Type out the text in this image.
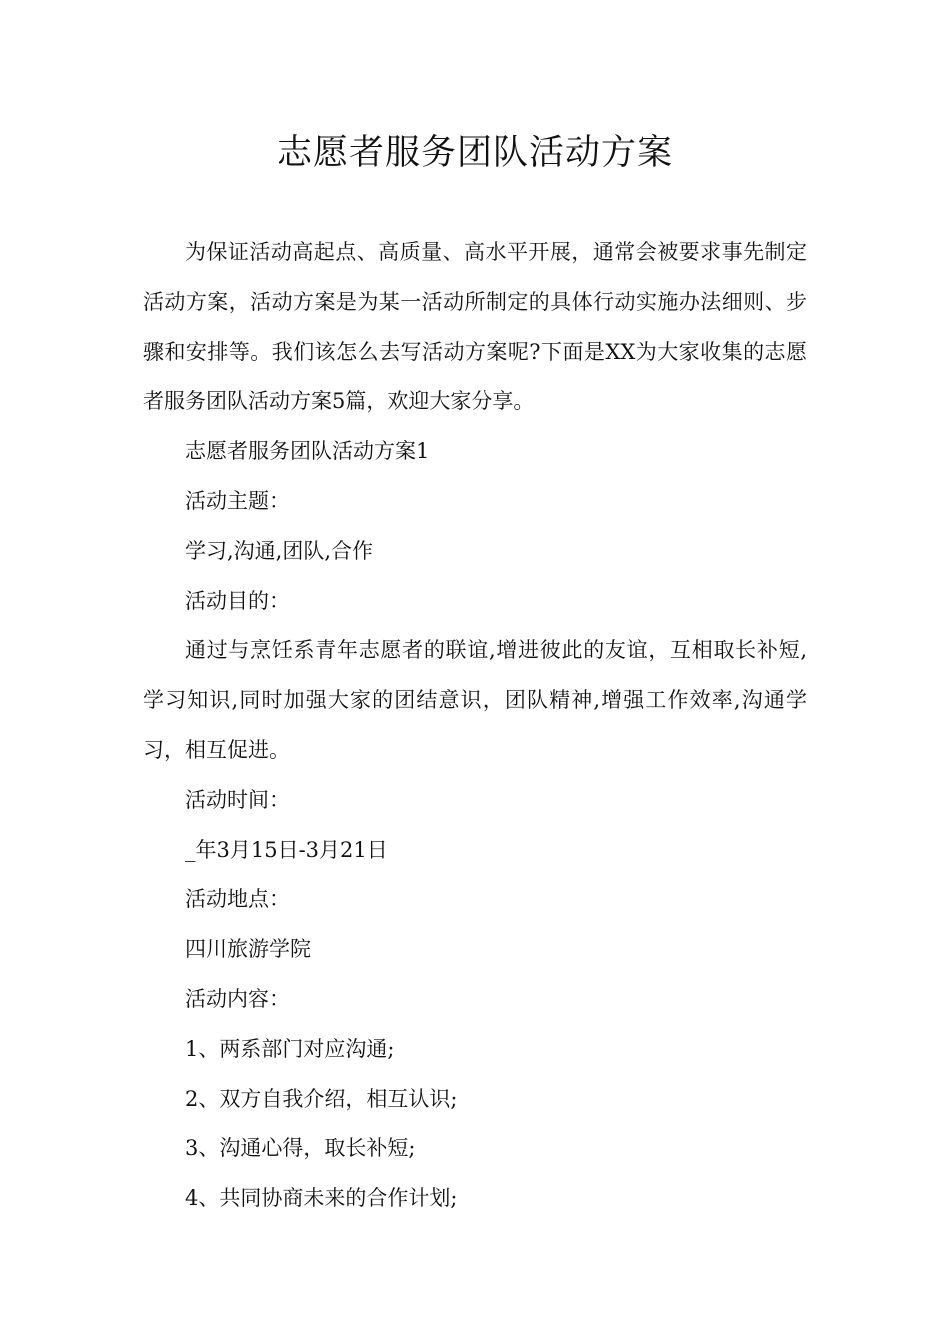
志愿者服务团队活动方案

为保证活动高起点、高质量、高水平开展，通常会被要求事先制定活动方案，活动方案是为某一活动所制定的具体行动实施办法细则、步骤和安排等。我们该怎么去写活动方案呢?下面是XX为大家收集的志愿者服务团队活动方案5篇，欢迎大家分享。

志愿者服务团队活动方案1

活动主题：

学习,沟通,团队,合作

活动目的：

通过与烹饪系青年志愿者的联谊,增进彼此的友谊，互相取长补短,学习知识,同时加强大家的团结意识，团队精神,增强工作效率,沟通学习，相互促进。

活动时间：

_年3月15日-3月21日

活动地点：

四川旅游学院

活动内容：

1、两系部门对应沟通;

2、双方自我介绍，相互认识;

3、沟通心得，取长补短;

4、共同协商未来的合作计划;
